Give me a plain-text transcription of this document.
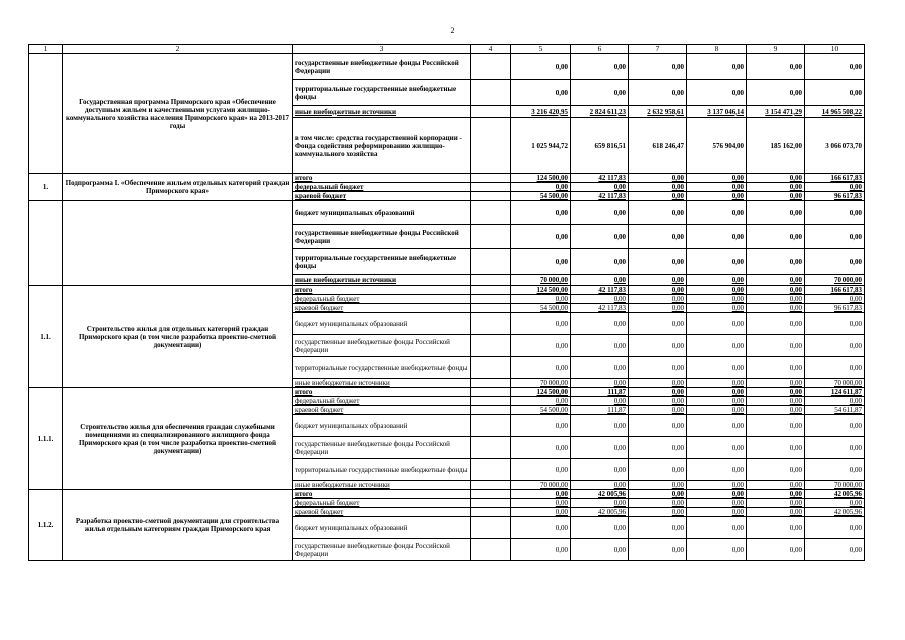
2
1	2	3	4	5	6	7	8	9	10
	Государственная программа Приморского края «Обеспечение доступным жильем и качественными услугами жилищно-коммунального хозяйства населения Приморского края» на 2013-2017 годы	государственные внебюджетные фонды Российской Федерации		0,00	0,00	0,00	0,00	0,00	0,00
		территориальные государственные внебюджетные фонды		0,00	0,00	0,00	0,00	0,00	0,00
		иные внебюджетные источники		3 216 420,95	2 824 611,23	2 632 958,61	3 137 046,14	3 154 471,29	14 965 508,22
		в том числе: средства государственной корпорации - Фонда содействия реформированию жилищно-коммунального хозяйства		1 025 944,72	659 816,51	618 246,47	576 904,00	185 162,00	3 066 073,70
1.	Подпрограмма I. «Обеспечение жильем отдельных категорий граждан Приморского края»	итого		124 500,00	42 117,83	0,00	0,00	0,00	166 617,83
		федеральный бюджет		0,00	0,00	0,00	0,00	0,00	0,00
		краевой бюджет		54 500,00	42 117,83	0,00	0,00	0,00	96 617,83
		бюджет муниципальных образований		0,00	0,00	0,00	0,00	0,00	0,00
		государственные внебюджетные фонды Российской Федерации		0,00	0,00	0,00	0,00	0,00	0,00
		территориальные государственные внебюджетные фонды		0,00	0,00	0,00	0,00	0,00	0,00
		иные внебюджетные источники		70 000,00	0,00	0,00	0,00	0,00	70 000,00
1.1.	Строительство жилья для отдельных категорий граждан Приморского края (в том числе разработка проектно-сметной документации)	итого		124 500,00	42 117,83	0,00	0,00	0,00	166 617,83
		федеральный бюджет		0,00	0,00	0,00	0,00	0,00	0,00
		краевой бюджет		54 500,00	42 117,83	0,00	0,00	0,00	96 617,83
		бюджет муниципальных образований		0,00	0,00	0,00	0,00	0,00	0,00
		государственные внебюджетные фонды Российской Федерации		0,00	0,00	0,00	0,00	0,00	0,00
		территориальные государственные внебюджетные фонды		0,00	0,00	0,00	0,00	0,00	0,00
		иные внебюджетные источники		70 000,00	0,00	0,00	0,00	0,00	70 000,00
1.1.1.	Строительство жилья для обеспечения граждан служебными помещениями из специализированного жилищного фонда Приморского края (в том числе разработка проектно-сметной документации)	итого		124 500,00	111,87	0,00	0,00	0,00	124 611,87
		федеральный бюджет		0,00	0,00	0,00	0,00	0,00	0,00
		краевой бюджет		54 500,00	111,87	0,00	0,00	0,00	54 611,87
		бюджет муниципальных образований		0,00	0,00	0,00	0,00	0,00	0,00
		государственные внебюджетные фонды Российской Федерации		0,00	0,00	0,00	0,00	0,00	0,00
		территориальные государственные внебюджетные фонды		0,00	0,00	0,00	0,00	0,00	0,00
		иные внебюджетные источники		70 000,00	0,00	0,00	0,00	0,00	70 000,00
1.1.2.	Разработка проектно-сметной документации для строительства жилья отдельным категориям граждан Приморского края	итого		0,00	42 005,96	0,00	0,00	0,00	42 005,96
		федеральный бюджет		0,00	0,00	0,00	0,00	0,00	0,00
		краевой бюджет		0,00	42 005,96	0,00	0,00	0,00	42 005,96
		бюджет муниципальных образований		0,00	0,00	0,00	0,00	0,00	0,00
		государственные внебюджетные фонды Российской Федерации		0,00	0,00	0,00	0,00	0,00	0,00
